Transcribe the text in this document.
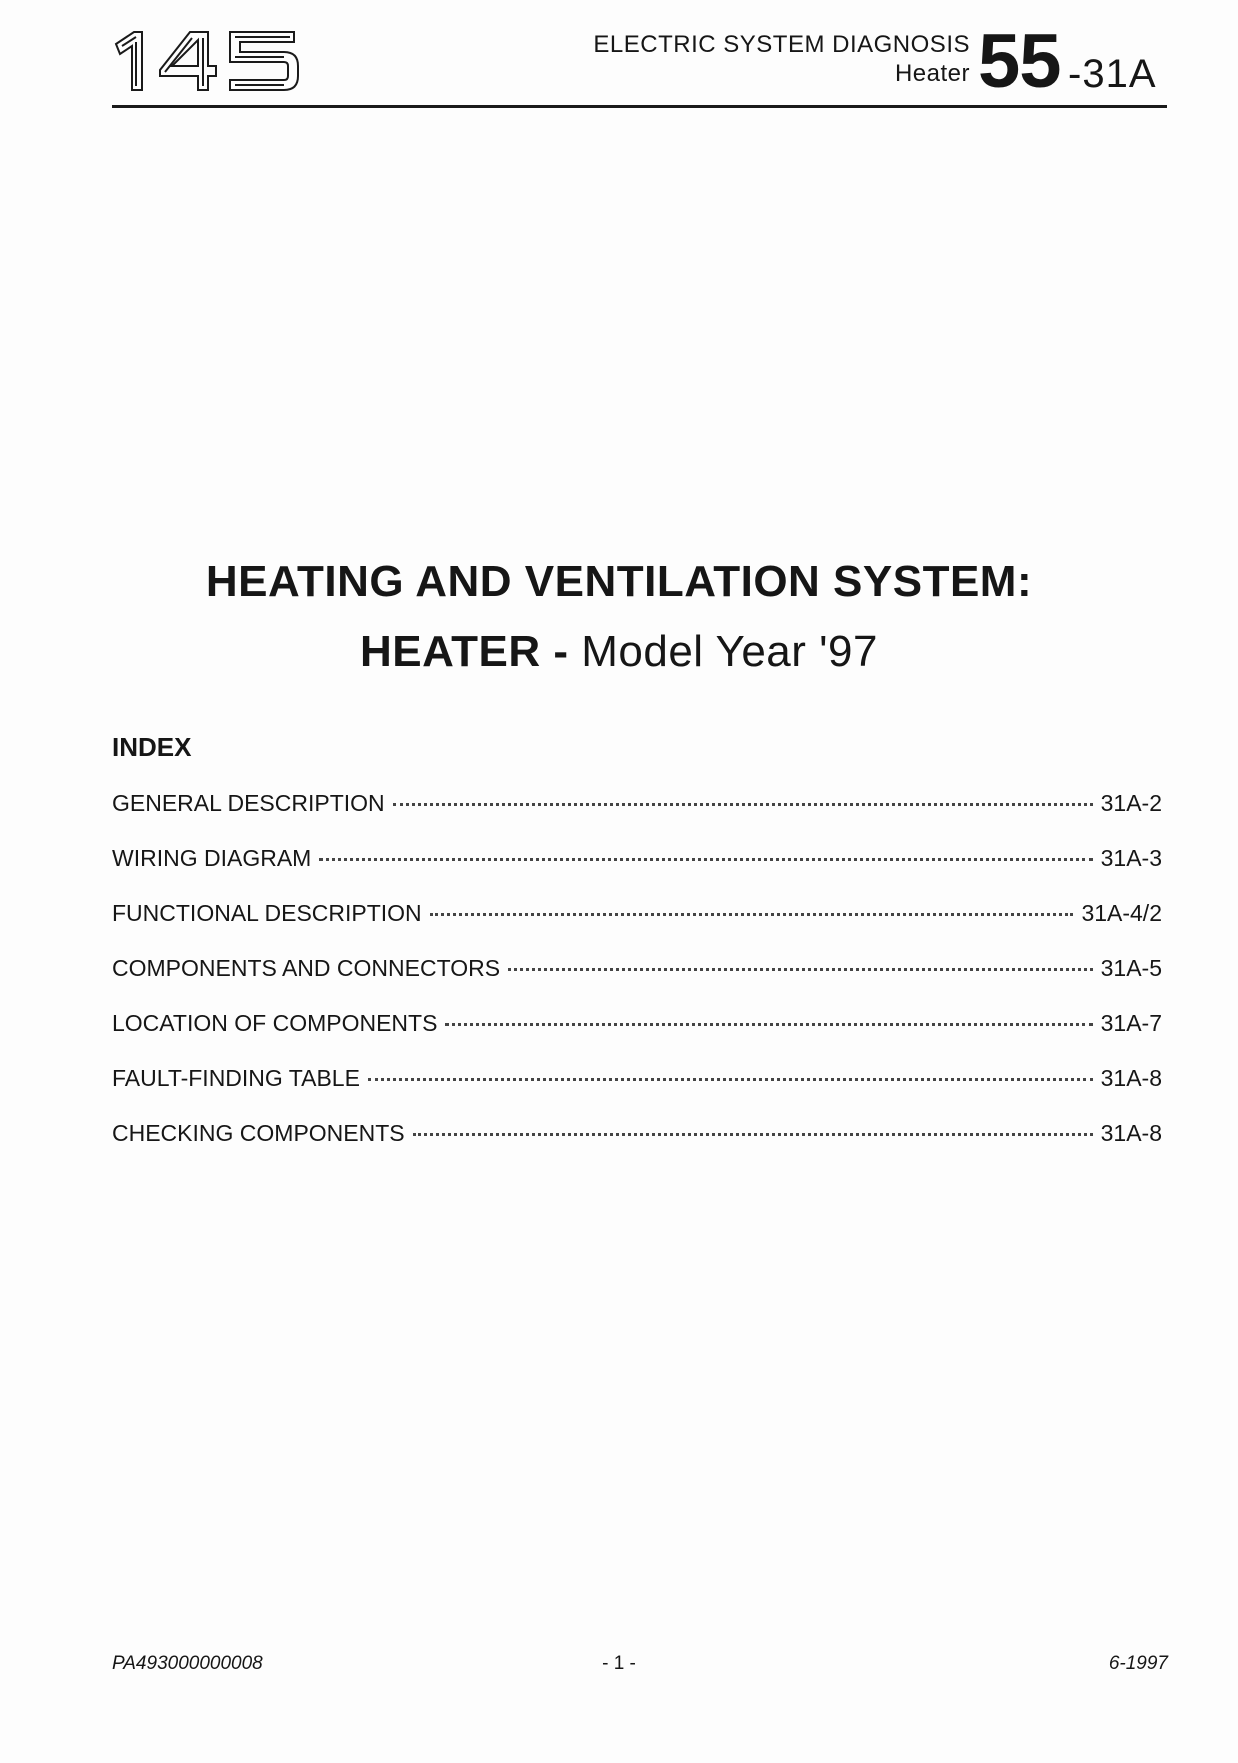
ELECTRIC SYSTEM DIAGNOSIS
Heater 55 -31A
HEATING AND VENTILATION SYSTEM:
HEATER - Model Year '97
INDEX
GENERAL DESCRIPTION	31A-2
WIRING DIAGRAM	31A-3
FUNCTIONAL DESCRIPTION	31A-4/2
COMPONENTS AND CONNECTORS	31A-5
LOCATION OF COMPONENTS	31A-7
FAULT-FINDING TABLE	31A-8
CHECKING COMPONENTS	31A-8
PA493000000008	- 1 -	6-1997
